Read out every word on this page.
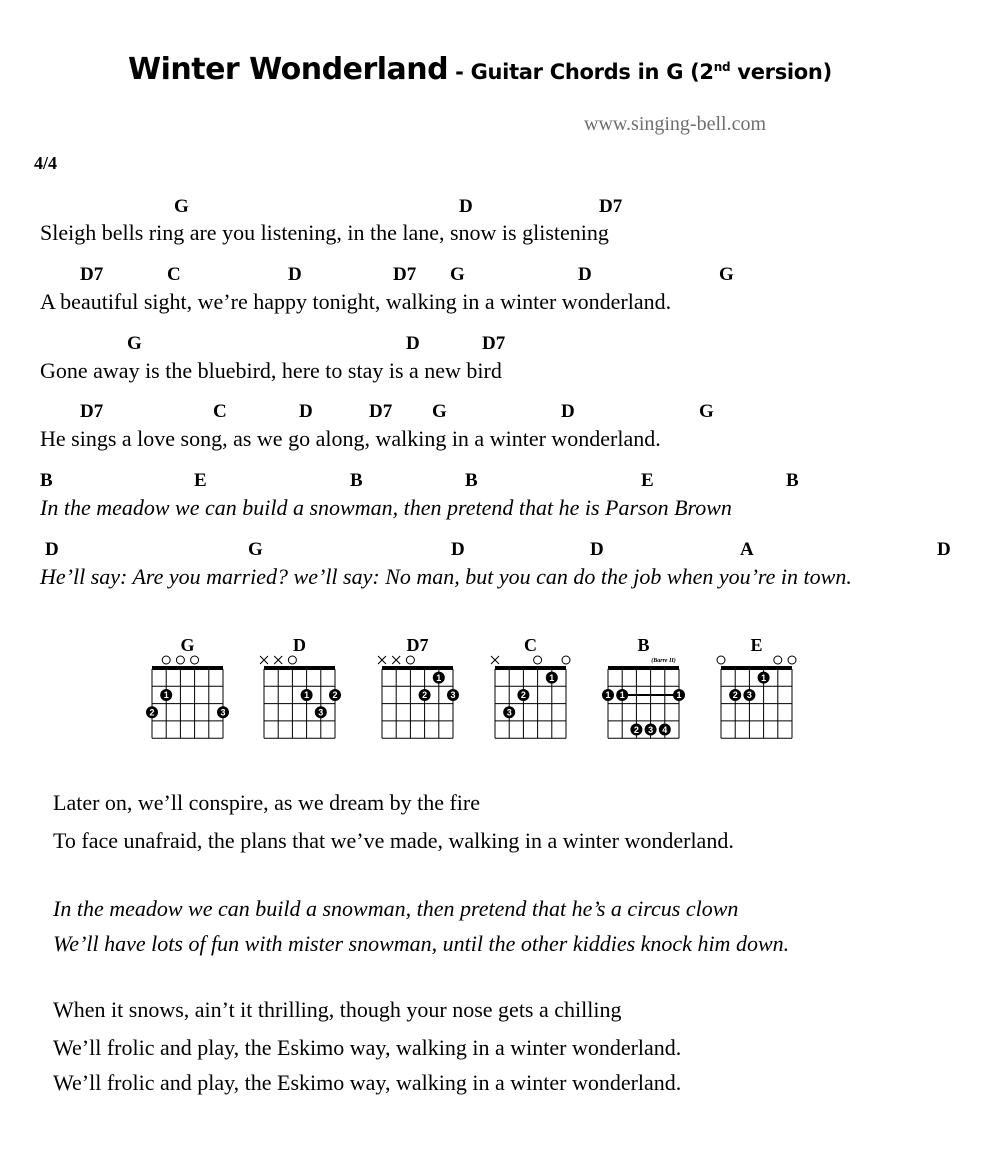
Winter Wonderland - Guitar Chords in G (2nd version)
www.singing-bell.com
4/4
G	D	D7
Sleigh bells ring are you listening, in the lane, snow is glistening
D7	C	D	D7 G	D	G
A beautiful sight, we’re happy tonight, walking in a winter wonderland.
G	D	D7
Gone away is the bluebird, here to stay is a new bird
D7	C	D	D7 G	D	G
He sings a love song, as we go along, walking in a winter wonderland.
B	E	B	B	E	B
In the meadow we can build a snowman, then pretend that he is Parson Brown
D	G	D	D	A	D
He’ll say: Are you married? we’ll say: No man, but you can do the job when you’re in town.
G
1
2	3
D
1	2
3
D7
1
2	3
C
1
2
3
B
(Barre II)
1 1	1
2 3 4
E
1
2 3
Later on, we’ll conspire, as we dream by the fire
To face unafraid, the plans that we’ve made, walking in a winter wonderland.
In the meadow we can build a snowman, then pretend that he’s a circus clown
We’ll have lots of fun with mister snowman, until the other kiddies knock him down.
When it snows, ain’t it thrilling, though your nose gets a chilling
We’ll frolic and play, the Eskimo way, walking in a winter wonderland.
We’ll frolic and play, the Eskimo way, walking in a winter wonderland.
